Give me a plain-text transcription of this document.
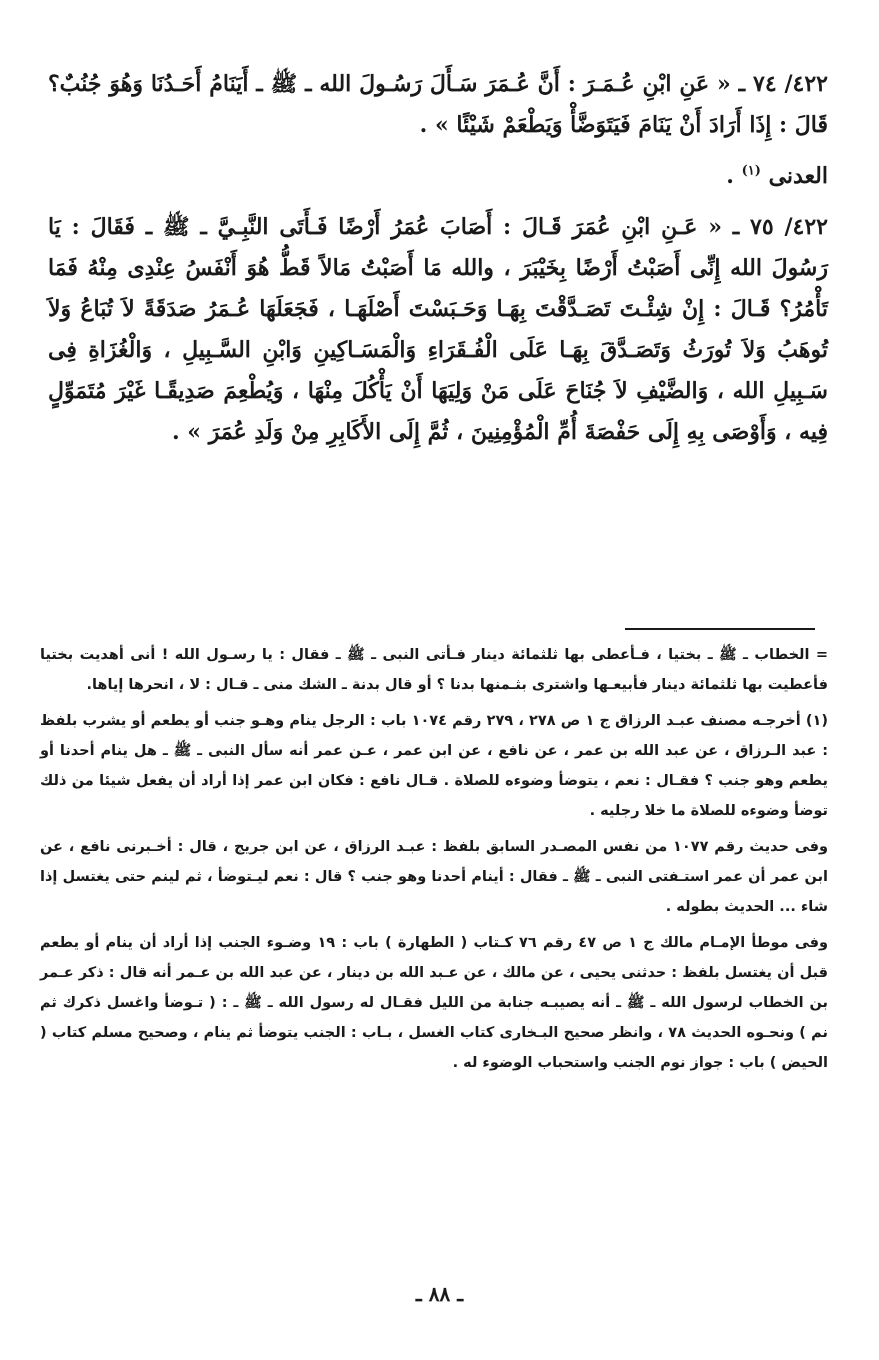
٤٢٢/ ٧٤ ـ « عَنِ ابْنِ عُـمَـرَ : أَنَّ عُـمَرَ سَـأَلَ رَسُـولَ الله ـ ﷺ ـ أَيَنَامُ أَحَـدُنَا وَهُوَ جُنُبٌ؟ قَالَ : إِذَا أَرَادَ أَنْ يَنَامَ فَيَتَوَضَّأْ وَيَطْعَمْ شَيْئًا » .

العدنى $^{(١)}$ .

٤٢٢/ ٧٥ ـ « عَـنِ ابْنِ عُمَرَ قَـالَ : أَصَابَ عُمَرُ أَرْضًا فَـأَتَى النَّبِـيَّ ـ ﷺ ـ فَقَالَ : يَا رَسُولَ الله إِنِّى أَصَبْتُ أَرْضًا بِخَيْبَرَ ، والله مَا أَصَبْتُ مَالاً قَطُّ هُوَ أَنْفَسُ عِنْدِى مِنْهُ فَمَا تَأْمُرُ؟ قَـالَ : إِنْ شِئْـتَ تَصَـدَّقْتَ بِهَـا وَحَـبَسْتَ أَصْلَهَـا ، فَجَعَلَهَا عُـمَرُ صَدَقَةً لاَ تُبَاعُ وَلاَ تُوهَبُ وَلاَ تُورَثُ وَتَصَـدَّقَ بِهَـا عَلَى الْفُـقَرَاءِ وَالْمَسَـاكِينِ وَابْنِ السَّـبِيلِ ، وَالْغُزَاةِ فِى سَـبِيلِ الله ، وَالضَّيْفِ لاَ جُنَاحَ عَلَى مَنْ وَلِيَهَا أَنْ يَأْكُلَ مِنْهَا ، وَيُطْعِمَ صَدِيقًـا غَيْرَ مُتَمَوِّلٍ فِيه ، وَأَوْصَى بِهِ إِلَى حَفْصَةَ أُمِّ الْمُؤْمِنِينَ ، ثُمَّ إِلَى الأَكَابِرِ مِنْ وَلَدِ عُمَرَ » .

= الخطاب ـ ﷺ ـ بختيا ، فـأعطى بها ثلثمائة دينار فـأتى النبى ـ ﷺ ـ فقال : يا رسـول الله ! أنى أهديت بختيا فأعطيت بها ثلثمائة دينار فأبيعـها واشترى بثـمنها بدنا ؟ أو قال بدنة ـ الشك منى ـ قـال : لا ، انحرها إياها.

(١) أخرجـه مصنف عبـد الرزاق ج ١ ص ٢٧٨ ، ٢٧٩ رقم ١٠٧٤ باب : الرجل ينام وهـو جنب أو يطعم أو يشرب بلفظ : عبد الـرزاق ، عن عبد الله بن عمر ، عن نافع ، عن ابن عمر ، عـن عمر أنه سأل النبى ـ ﷺ ـ هل ينام أحدنا أو يطعم وهو جنب ؟ فقـال : نعم ، يتوضأ وضوءه للصلاة . قـال نافع : فكان ابن عمر إذا أراد أن يفعل شيئا من ذلك توضأ وضوءه للصلاة ما خلا رجليه .

وفى حديث رقم ١٠٧٧ من نفس المصـدر السابق بلفظ : عبـد الرزاق ، عن ابن جريج ، قال : أخـبرنى نافع ، عن ابن عمر أن عمر استـفتى النبى ـ ﷺ ـ فقال : أينام أحدنا وهو جنب ؟ قال : نعم ليـتوضأ ، ثم لينم حتى يغتسل إذا شاء ... الحديث بطوله .

وفى موطأ الإمـام مالك ج ١ ص ٤٧ رقم ٧٦ كـتاب ( الطهارة ) باب : ١٩ وضـوء الجنب إذا أراد أن ينام أو يطعم قبل أن يغتسل بلفظ : حدثنى يحيى ، عن مالك ، عن عـبد الله بن دينار ، عن عبد الله بن عـمر أنه قال : ذكر عـمر بن الخطاب لرسول الله ـ ﷺ ـ أنه يصيبـه جنابة من الليل فقـال له رسول الله ـ ﷺ ـ : ( تـوضأ واغسل ذكرك ثم نم ) ونحـوه الحديث ٧٨ ، وانظر صحيح البـخارى كتاب الغسل ، بـاب : الجنب يتوضأ ثم ينام ، وصحيح مسلم كتاب ( الحيض ) باب : جواز نوم الجنب واستحباب الوضوء له .

ـ ٨٨ ـ
